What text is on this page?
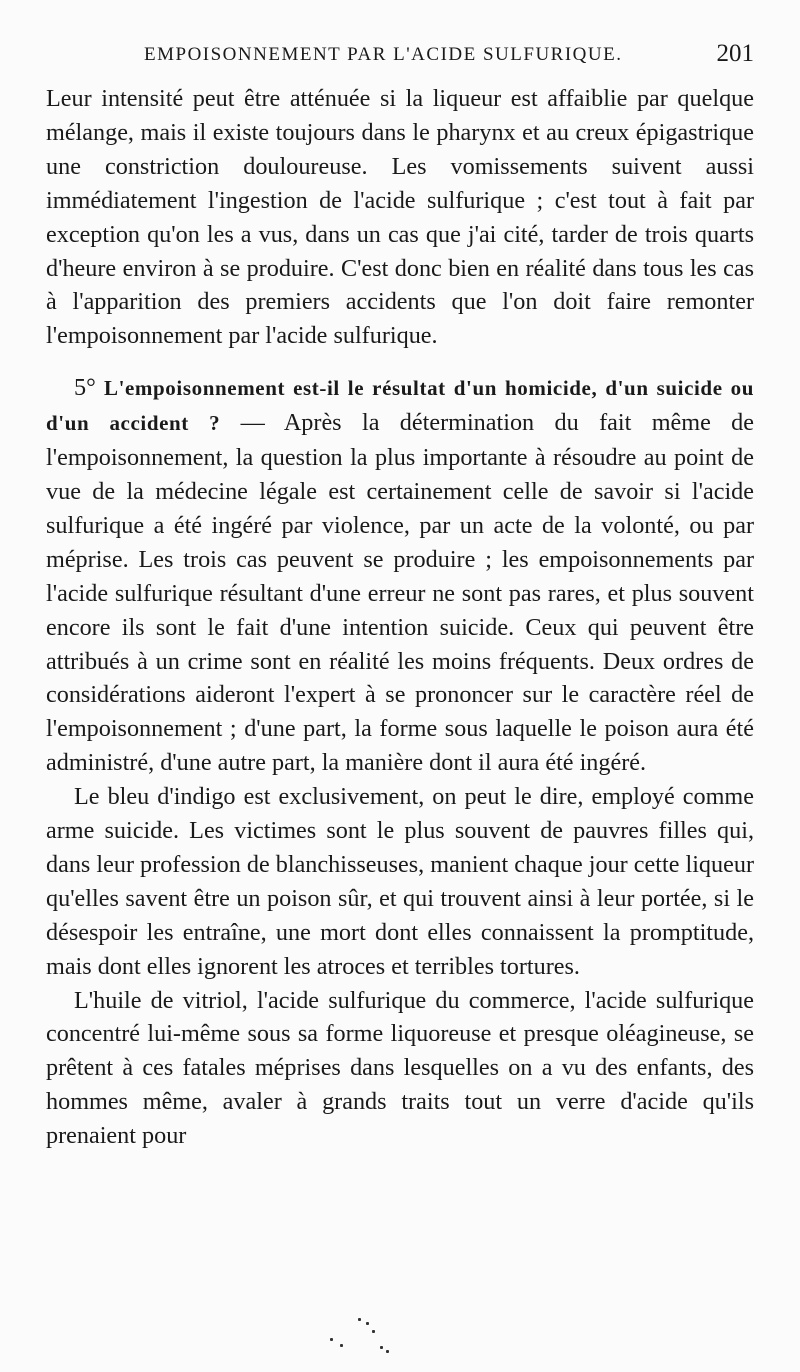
EMPOISONNEMENT PAR L'ACIDE SULFURIQUE.	201

Leur intensité peut être atténuée si la liqueur est affaiblie par quelque mélange, mais il existe toujours dans le pharynx et au creux épigastrique une constriction douloureuse. Les vomissements suivent aussi immédiatement l'ingestion de l'acide sulfurique ; c'est tout à fait par exception qu'on les a vus, dans un cas que j'ai cité, tarder de trois quarts d'heure environ à se produire. C'est donc bien en réalité dans tous les cas à l'apparition des premiers accidents que l'on doit faire remonter l'empoisonnement par l'acide sulfurique.

5° L'empoisonnement est-il le résultat d'un homicide, d'un suicide ou d'un accident ? — Après la détermination du fait même de l'empoisonnement, la question la plus importante à résoudre au point de vue de la médecine légale est certainement celle de savoir si l'acide sulfurique a été ingéré par violence, par un acte de la volonté, ou par méprise. Les trois cas peuvent se produire ; les empoisonnements par l'acide sulfurique résultant d'une erreur ne sont pas rares, et plus souvent encore ils sont le fait d'une intention suicide. Ceux qui peuvent être attribués à un crime sont en réalité les moins fréquents. Deux ordres de considérations aideront l'expert à se prononcer sur le caractère réel de l'empoisonnement ; d'une part, la forme sous laquelle le poison aura été administré, d'une autre part, la manière dont il aura été ingéré.

Le bleu d'indigo est exclusivement, on peut le dire, employé comme arme suicide. Les victimes sont le plus souvent de pauvres filles qui, dans leur profession de blanchisseuses, manient chaque jour cette liqueur qu'elles savent être un poison sûr, et qui trouvent ainsi à leur portée, si le désespoir les entraîne, une mort dont elles connaissent la promptitude, mais dont elles ignorent les atroces et terribles tortures.

L'huile de vitriol, l'acide sulfurique du commerce, l'acide sulfurique concentré lui-même sous sa forme liquoreuse et presque oléagineuse, se prêtent à ces fatales méprises dans lesquelles on a vu des enfants, des hommes même, avaler à grands traits tout un verre d'acide qu'ils prenaient pour
